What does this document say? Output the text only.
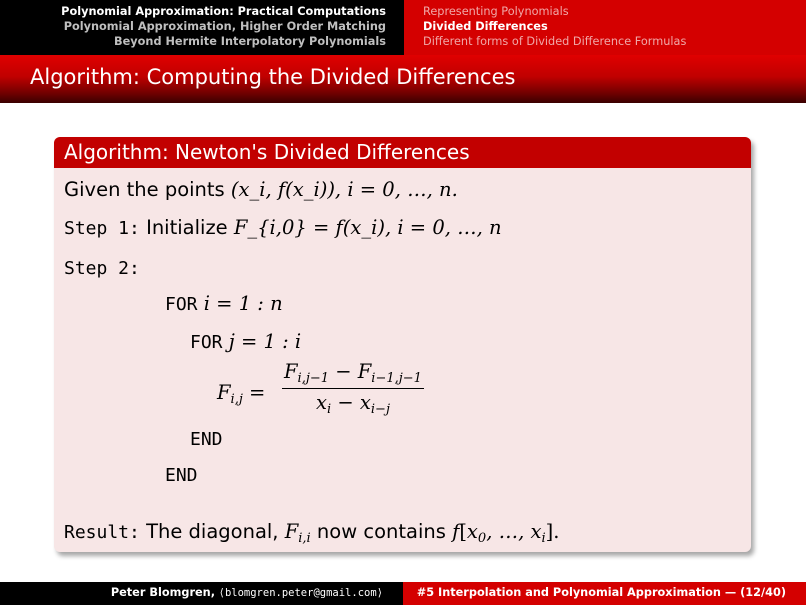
Polynomial Approximation: Practical Computations
Polynomial Approximation, Higher Order Matching
Beyond Hermite Interpolatory Polynomials
Representing Polynomials
Divided Differences
Different forms of Divided Difference Formulas
Algorithm: Computing the Divided Differences
Algorithm: Newton's Divided Differences
Given the points (x_i, f(x_i)), i = 0, …, n.
Step 1: Initialize F_{i,0} = f(x_i), i = 0, …, n
Step 2:
FOR i = 1 : n
FOR j = 1 : i
$F_{i,j} = \frac{F_{i,j-1} - F_{i-1,j-1}}{x_i - x_{i-j}}$
END
END
Result: The diagonal, $F_{i,i}$ now contains $f[x_0$, …, $x_i$].
Peter Blomgren, ⟨blomgren.peter@gmail.com⟩	#5 Interpolation and Polynomial Approximation — (12/40)
